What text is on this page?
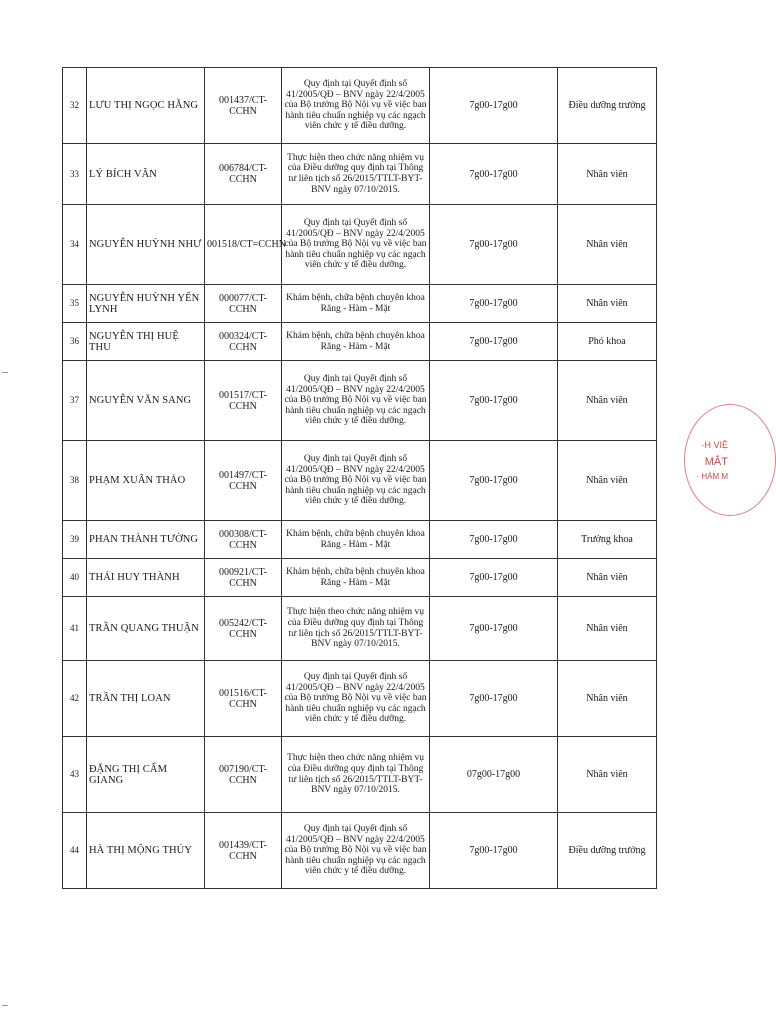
32	LƯU THỊ NGỌC HẰNG	001437/CT-CCHN	Quy định tại Quyết định số 41/2005/QĐ – BNV ngày 22/4/2005 của Bộ trưởng Bộ Nội vụ về việc ban hành tiêu chuẩn nghiệp vụ các ngạch viên chức y tế điều dưỡng.	7g00-17g00	Điều dưỡng trưởng
33	LÝ BÍCH VÂN	006784/CT-CCHN	Thực hiện theo chức năng nhiệm vụ của Điều dưỡng quy định tại Thông tư liên tịch số 26/2015/TTLT-BYT-BNV ngày 07/10/2015.	7g00-17g00	Nhân viên
34	NGUYỄN HUỲNH NHƯ	001518/CT=CCHN	Quy định tại Quyết định số 41/2005/QĐ – BNV ngày 22/4/2005 của Bộ trưởng Bộ Nội vụ về việc ban hành tiêu chuẩn nghiệp vụ các ngạch viên chức y tế điều dưỡng.	7g00-17g00	Nhân viên
35	NGUYỄN HUỲNH YẾN LYNH	000077/CT-CCHN	Khám bệnh, chữa bệnh chuyên khoa Răng - Hàm - Mặt	7g00-17g00	Nhân viên
36	NGUYỄN THỊ HUỆ THU	000324/CT-CCHN	Khám bệnh, chữa bệnh chuyên khoa Răng - Hàm - Mặt	7g00-17g00	Phó khoa
37	NGUYỄN VĂN SANG	001517/CT-CCHN	Quy định tại Quyết định số 41/2005/QĐ – BNV ngày 22/4/2005 của Bộ trưởng Bộ Nội vụ về việc ban hành tiêu chuẩn nghiệp vụ các ngạch viên chức y tế điều dưỡng.	7g00-17g00	Nhân viên
38	PHẠM XUÂN THẢO	001497/CT-CCHN	Quy định tại Quyết định số 41/2005/QĐ – BNV ngày 22/4/2005 của Bộ trưởng Bộ Nội vụ về việc ban hành tiêu chuẩn nghiệp vụ các ngạch viên chức y tế điều dưỡng.	7g00-17g00	Nhân viên
39	PHAN THÀNH TƯỜNG	000308/CT-CCHN	Khám bệnh, chữa bệnh chuyên khoa Răng - Hàm - Mặt	7g00-17g00	Trưởng khoa
40	THÁI HUY THÀNH	000921/CT-CCHN	Khám bệnh, chữa bệnh chuyên khoa Răng - Hàm - Mặt	7g00-17g00	Nhân viên
41	TRẦN QUANG THUẬN	005242/CT-CCHN	Thực hiện theo chức năng nhiệm vụ của Điều dưỡng quy định tại Thông tư liên tịch số 26/2015/TTLT-BYT-BNV ngày 07/10/2015.	7g00-17g00	Nhân viên
42	TRẦN THỊ LOAN	001516/CT-CCHN	Quy định tại Quyết định số 41/2005/QĐ – BNV ngày 22/4/2005 của Bộ trưởng Bộ Nội vụ về việc ban hành tiêu chuẩn nghiệp vụ các ngạch viên chức y tế điều dưỡng.	7g00-17g00	Nhân viên
43	ĐẶNG THỊ CẨM GIANG	007190/CT-CCHN	Thực hiện theo chức năng nhiệm vụ của Điều dưỡng quy định tại Thông tư liên tịch số 26/2015/TTLT-BYT-BNV ngày 07/10/2015.	07g00-17g00	Nhân viên
44	HÀ THỊ MỘNG THÚY	001439/CT-CCHN	Quy định tại Quyết định số 41/2005/QĐ – BNV ngày 22/4/2005 của Bộ trưởng Bộ Nội vụ về việc ban hành tiêu chuẩn nghiệp vụ các ngạch viên chức y tế điều dưỡng.	7g00-17g00	Điều dưỡng trưởng
·H VIỆ
MẮT
· HÀM M
